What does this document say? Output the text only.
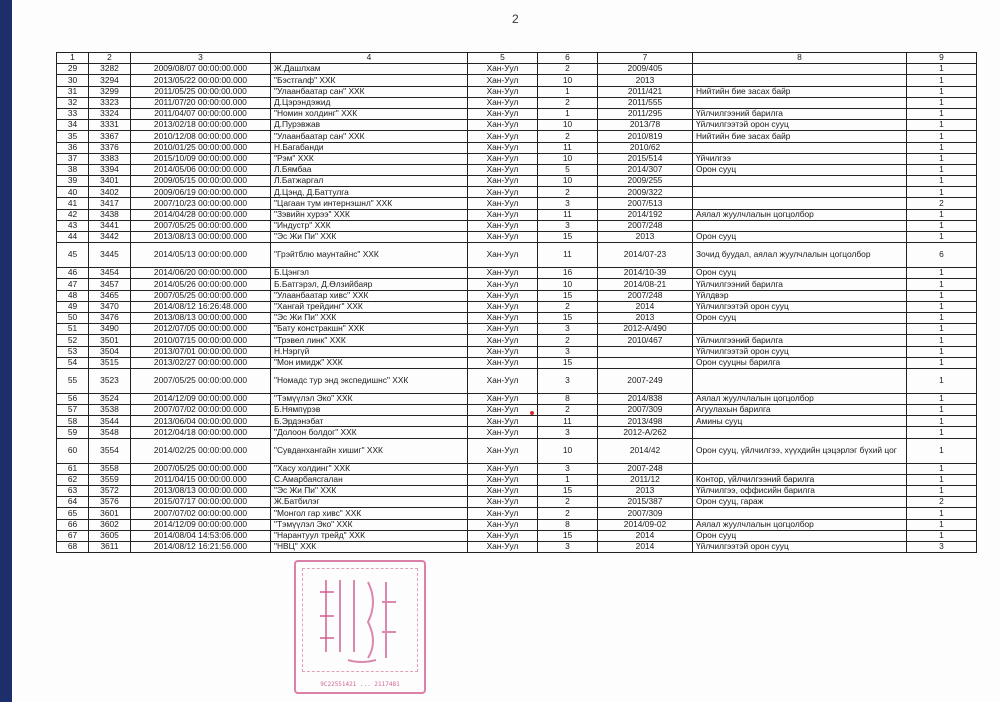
2
1	2	3	4	5	6	7	8	9
29	3282	2009/08/07 00:00:00.000	Ж.Дашлхам	Хан-Уул	2	2009/405		1
30	3294	2013/05/22 00:00:00.000	"Бэстгалф" ХХК	Хан-Уул	10	2013		1
31	3299	2011/05/25 00:00:00.000	"Улаанбаатар сан" ХХК	Хан-Уул	1	2011/421	Нийтийн бие засах байр	1
32	3323	2011/07/20 00:00:00.000	Д.Цэрэндэжид	Хан-Уул	2	2011/555		1
33	3324	2011/04/07 00:00:00.000	"Номин холдинг" ХХК	Хан-Уул	1	2011/295	Үйлчилгээний барилга	1
34	3331	2013/02/18 00:00:00.000	Д.Пурэвжав	Хан-Уул	10	2013/78	Үйлчилгээтэй орон сууц	1
35	3367	2010/12/08 00:00:00.000	"Улаанбаатар сан" ХХК	Хан-Уул	2	2010/819	Нийтийн бие засах байр	1
36	3376	2010/01/25 00:00:00.000	Н.Багабанди	Хан-Уул	11	2010/62		1
37	3383	2015/10/09 00:00:00.000	"Рэм" ХХК	Хан-Уул	10	2015/514	Үйчилгээ	1
38	3394	2014/05/06 00:00:00.000	Л.Бямбаа	Хан-Уул	5	2014/307	Орон сууц	1
39	3401	2009/05/15 00:00:00.000	Л.Батжаргал	Хан-Уул	10	2009/255		1
40	3402	2009/06/19 00:00:00.000	Д.Цэнд, Д.Баттулга	Хан-Уул	2	2009/322		1
41	3417	2007/10/23 00:00:00.000	"Цагаан тум интернэшнл" ХХК	Хан-Уул	3	2007/513		2
42	3438	2014/04/28 00:00:00.000	"Зэвийн хурээ" ХХК	Хан-Уул	11	2014/192	Аялал жуулчлалын цогцолбор	1
43	3441	2007/05/25 00:00:00.000	"Индустр" ХХК	Хан-Уул	3	2007/248		1
44	3442	2013/08/13 00:00:00.000	"Эс Жи Пи" ХХК	Хан-Уул	15	2013	Орон сууц	1
45	3445	2014/05/13 00:00:00.000	"Грэйтблю маунтайнс" ХХК	Хан-Уул	11	2014/07-23	Зочид буудал, аялал жуулчлалын цогцолбор	6
46	3454	2014/06/20 00:00:00.000	Б.Цэнгэл	Хан-Уул	16	2014/10-39	Орон сууц	1
47	3457	2014/05/26 00:00:00.000	Б.Батгэрэл, Д.Өлзийбаяр	Хан-Уул	10	2014/08-21	Үйлчилгээний барилга	1
48	3465	2007/05/25 00:00:00.000	"Улаанбаатар хивс" ХХК	Хан-Уул	15	2007/248	Үйлдвэр	1
49	3470	2014/08/12 16:26:48.000	"Хангай трейдинг" ХХК	Хан-Уул	2	2014	Үйлчилгээтэй орон сууц	1
50	3476	2013/08/13 00:00:00.000	"Эс Жи Пи" ХХК	Хан-Уул	15	2013	Орон сууц	1
51	3490	2012/07/05 00:00:00.000	"Бату констракшн" ХХК	Хан-Уул	3	2012-А/490		1
52	3501	2010/07/15 00:00:00.000	"Трэвел линк" ХХК	Хан-Уул	2	2010/467	Үйлчилгээний барилга	1
53	3504	2013/07/01 00:00:00.000	Н.Нэргүй	Хан-Уул	3		Үйлчилгээтэй орон сууц	1
54	3515	2013/02/27 00:00:00.000	"Мон имидж" ХХК	Хан-Уул	15		Орон сууцны барилга	1
55	3523	2007/05/25 00:00:00.000	"Номадс тур энд экспедишнс" ХХК	Хан-Уул	3	2007-249		1
56	3524	2014/12/09 00:00:00.000	"Тэмүүлэл Эко" ХХК	Хан-Уул	8	2014/838	Аялал жуулчлалын цогцолбор	1
57	3538	2007/07/02 00:00:00.000	Б.Нямпүрэв	Хан-Уул	2	2007/309	Агуулахын барилга	1
58	3544	2013/06/04 00:00:00.000	Б.Эрдэнэбат	Хан-Уул	11	2013/498	Амины сууц	1
59	3548	2012/04/18 00:00:00.000	"Долоон болдог" ХХК	Хан-Уул	3	2012-А/262		1
60	3554	2014/02/25 00:00:00.000	"Сувданхангайн хишиг" ХХК	Хан-Уул	10	2014/42	Орон сууц, үйлчилгээ, хүүхдийн цэцэрлэг бүхий цог	1
61	3558	2007/05/25 00:00:00.000	"Хасу холдинг" ХХК	Хан-Уул	3	2007-248		1
62	3559	2011/04/15 00:00:00.000	С.Амарбаясгалан	Хан-Уул	1	2011/12	Контор, үйлчилгээний барилга	1
63	3572	2013/08/13 00:00:00.000	"Эс Жи Пи" ХХК	Хан-Уул	15	2013	Үйлчилгээ, оффисийн барилга	1
64	3576	2015/07/17 00:00:00.000	Ж.Батбилэг	Хан-Уул	2	2015/387	Орон сууц, гараж	2
65	3601	2007/07/02 00:00:00.000	"Монгол гар хивс" ХХК	Хан-Уул	2	2007/309		1
66	3602	2014/12/09 00:00:00.000	"Тэмүүлэл Эко" ХХК	Хан-Уул	8	2014/09-02	Аялал жуулчлалын цогцолбор	1
67	3605	2014/08/04 14:53:06.000	"Нарантуул трейд" ХХК	Хан-Уул	15	2014	Орон сууц	1
68	3611	2014/08/12 16:21:56.000	"НВЦ" ХХК	Хан-Уул	3	2014	Үйлчилгээтэй орон сууц	3
9С22551421 ... 2117481
